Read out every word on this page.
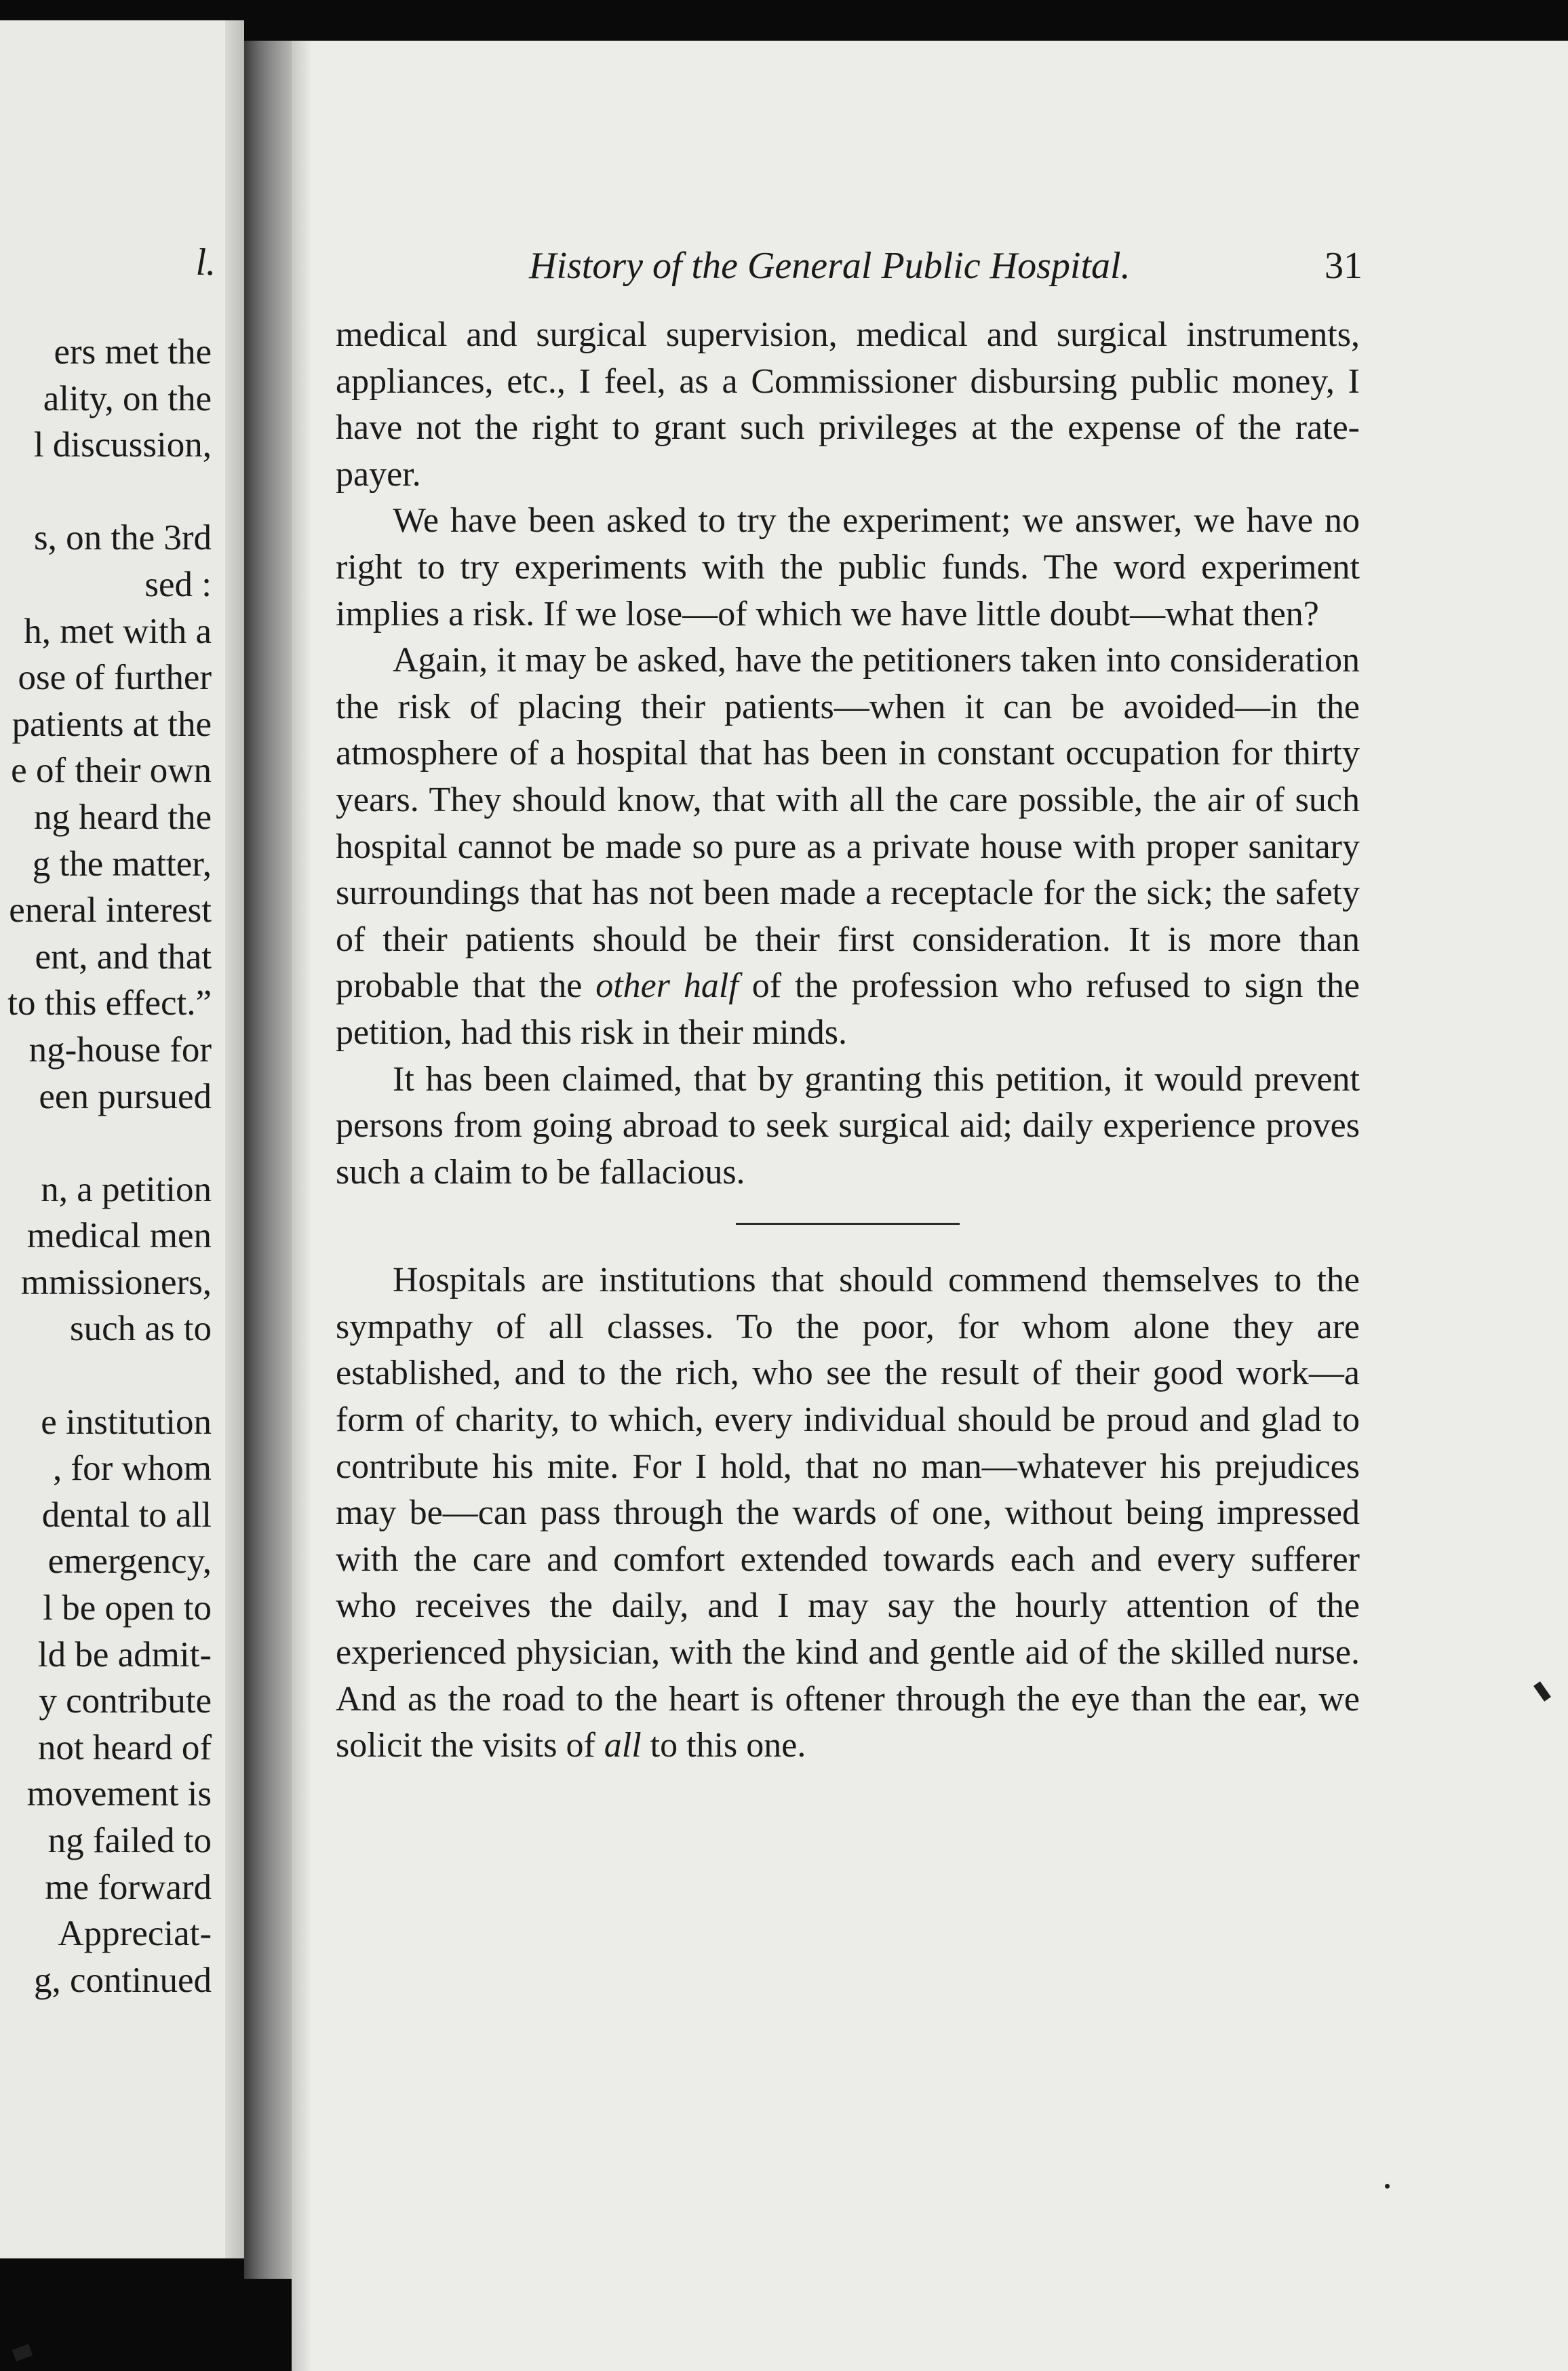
l.
ers met the
ality, on the
l discussion,

s, on the 3rd
sed :
h, met with a
ose of further
patients at the
e of their own
ng heard the
g the matter,
eneral interest
ent, and that
to this effect.”
ng-house for
een pursued

n, a petition
medical men
mmissioners,
such as to

e institution
, for whom
dental to all
emergency,
l be open to
ld be admit-
y contribute
not heard of
movement is
ng failed to
me forward
Appreciat-
g, continued
History of the General Public Hospital.	31

medical and surgical supervision, medical and surgical instruments, appliances, etc., I feel, as a Commissioner disbursing public money, I have not the right to grant such privileges at the expense of the rate-payer.

We have been asked to try the experiment; we answer, we have no right to try experiments with the public funds. The word experiment implies a risk. If we lose—of which we have little doubt—what then?

Again, it may be asked, have the petitioners taken into consideration the risk of placing their patients—when it can be avoided—in the atmosphere of a hospital that has been in constant occupation for thirty years. They should know, that with all the care possible, the air of such hospital cannot be made so pure as a private house with proper sanitary surroundings that has not been made a receptacle for the sick; the safety of their patients should be their first consideration. It is more than probable that the other half of the profession who refused to sign the petition, had this risk in their minds.

It has been claimed, that by granting this petition, it would prevent persons from going abroad to seek surgical aid; daily experience proves such a claim to be fallacious.

Hospitals are institutions that should commend themselves to the sympathy of all classes. To the poor, for whom alone they are established, and to the rich, who see the result of their good work—a form of charity, to which, every individual should be proud and glad to contribute his mite. For I hold, that no man—whatever his prejudices may be—can pass through the wards of one, without being impressed with the care and comfort extended towards each and every sufferer who receives the daily, and I may say the hourly attention of the experienced physician, with the kind and gentle aid of the skilled nurse. And as the road to the heart is oftener through the eye than the ear, we solicit the visits of all to this one.
